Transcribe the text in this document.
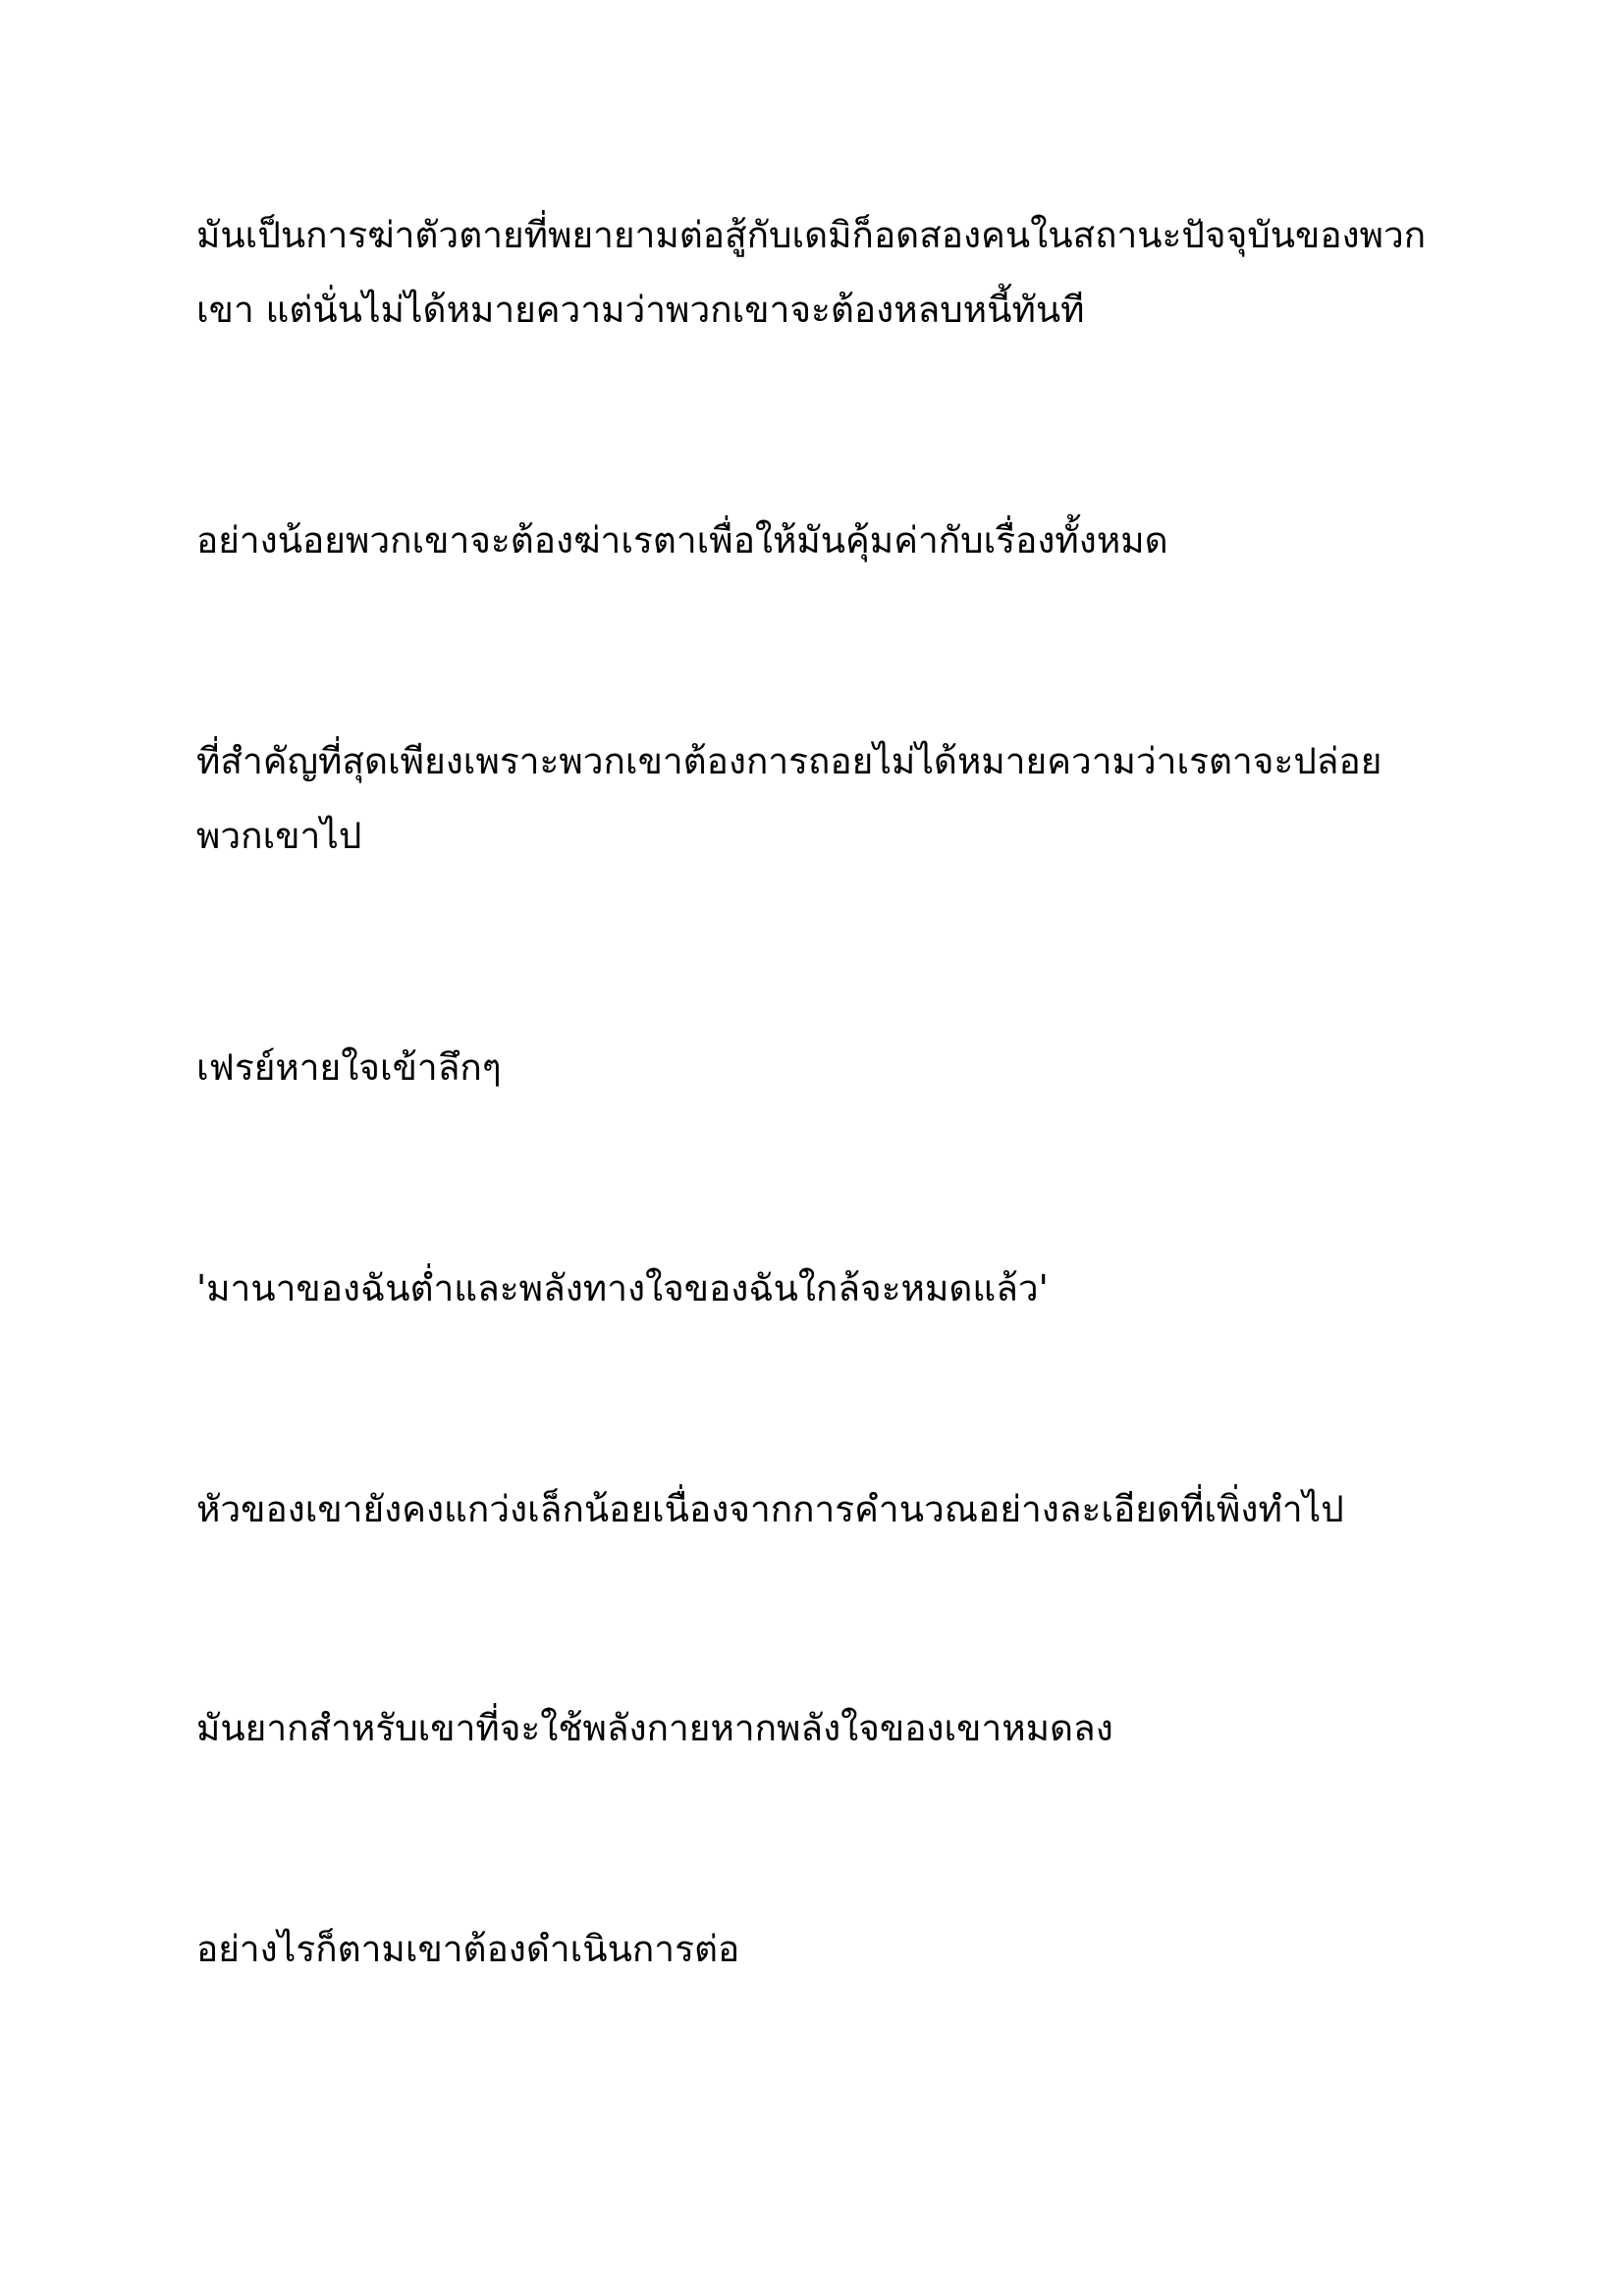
มันเป็นการฆ่าตัวตายที่พยายามต่อสู้กับเดมิก็อดสองคนในสถานะปัจจุบันของพวกเขา แต่นั่นไม่ได้หมายความว่าพวกเขาจะต้องหลบหนี้ทันที

อย่างน้อยพวกเขาจะต้องฆ่าเรตาเพื่อให้มันคุ้มค่ากับเรื่องทั้งหมด

ที่สำคัญที่สุดเพียงเพราะพวกเขาต้องการถอยไม่ได้หมายความว่าเรตาจะปล่อยพวกเขาไป

เฟรย์หายใจเข้าลึกๆ

'มานาของฉันต่ำและพลังทางใจของฉันใกล้จะหมดแล้ว'

หัวของเขายังคงแกว่งเล็กน้อยเนื่องจากการคำนวณอย่างละเอียดที่เพิ่งทำไป

มันยากสำหรับเขาที่จะใช้พลังกายหากพลังใจของเขาหมดลง

อย่างไรก็ตามเขาต้องดำเนินการต่อ
